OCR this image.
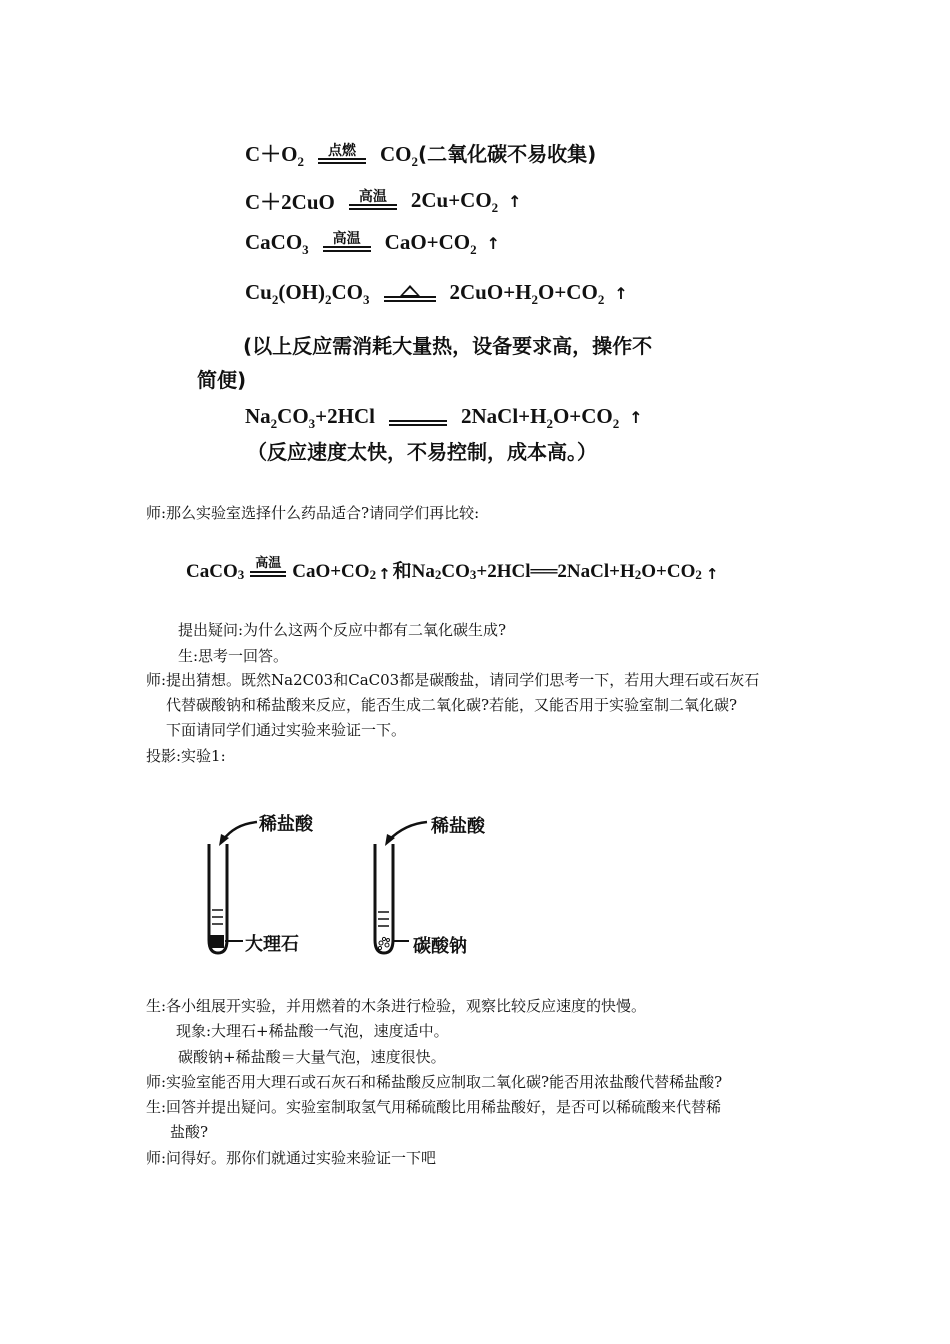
$C+O_2$
点燃 $CO_2$(二氧化碳不易收集)
C＋2CuO 高温 $2Cu+CO_2$ ↑
CaCO$_3$
高温 $CaO+CO_2$ ↑
$Cu_2(OH)_2CO_3$	$2CuO+H_2O+CO_2$ ↑
(以上反应需消耗大量热，设备要求高，操作不
简便)
$Na_2CO_3+2HCl$	$2NaCl+H_2O+CO_2$ ↑
（反应速度太快，不易控制，成本高。）
师:那么实验室选择什么药品适合?请同学们再比较:
CaCO 3
高温 CaO+CO 2 ↑ 和$Na_2$ CO 3 +2HCl ══ 2NaCl+H 2 O+CO 2 ↑
提出疑问:为什么这两个反应中都有二氧化碳生成?
生:思考一回答。
师:提出猜想。既然Na2C03和CaC03都是碳酸盐，请同学们思考一下，若用大理石或石灰石
代替碳酸钠和稀盐酸来反应，能否生成二氧化碳?若能，又能否用于实验室制二氧化碳?
下面请同学们通过实验来验证一下。
投影:实验1:
稀盐酸
大理石
稀盐酸
碳酸钠
生:各小组展开实验，并用燃着的木条进行检验，观察比较反应速度的快慢。
现象:大理石+稀盐酸一气泡，速度适中。
碳酸钠+稀盐酸＝大量气泡，速度很快。
师:实验室能否用大理石或石灰石和稀盐酸反应制取二氧化碳?能否用浓盐酸代替稀盐酸?
生:回答并提出疑问。实验室制取氢气用稀硫酸比用稀盐酸好，是否可以稀硫酸来代替稀
盐酸?
师:问得好。那你们就通过实验来验证一下吧
